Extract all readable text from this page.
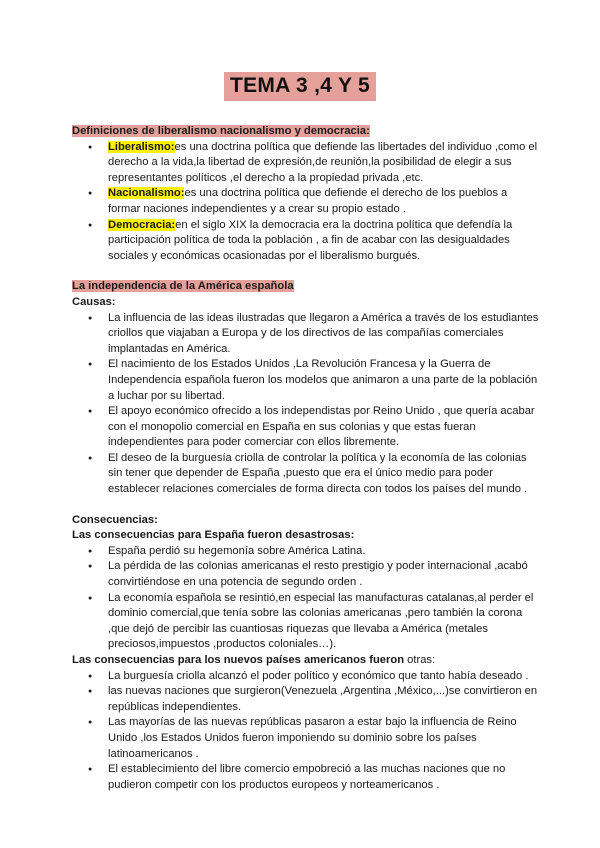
TEMA 3 ,4 Y 5

Definiciones de liberalismo nacionalismo y democracia:

● Liberalismo:es una doctrina política que defiende las libertades del individuo ,como el derecho a la vida,la libertad de expresión,de reunión,la posibilidad de elegir a sus representantes políticos ,el derecho a la propiedad privada ,etc.
● Nacionalismo:es una doctrina política que defiende el derecho de los pueblos a formar naciones independientes y a crear su propio estado .
● Democracia:en el siglo XIX la democracia era la doctrina política que defendía la participación política de toda la población , a fin de acabar con las desigualdades sociales y económicas ocasionadas por el liberalismo burgués.

La independencia de la América española

Causas:

● La influencia de las ideas ilustradas que llegaron a América a través de los estudiantes criollos que viajaban a Europa y de los directivos de las compañías comerciales implantadas en América.
● El nacimiento de los Estados Unidos ,La Revolución Francesa y la Guerra de Independencia española fueron los modelos que animaron a una parte de la población a luchar por su libertad.
● El apoyo económico ofrecido a los independistas por Reino Unido , que quería acabar con el monopolio comercial en España en sus colonias y que estas fueran independientes para poder comerciar con ellos libremente.
● El deseo de la burguesía criolla de controlar la política y la economía de las colonias sin tener que depender de España ,puesto que era el único medio para poder establecer relaciones comerciales de forma directa con todos los países del mundo .

Consecuencias:

Las consecuencias para España fueron desastrosas:

● España perdió su hegemonía sobre América Latina.
● La pérdida de las colonias americanas el resto prestigio y poder internacional ,acabó convirtiéndose en una potencia de segundo orden .
● La economía española se resintió,en especial las manufacturas catalanas,al perder el dominio comercial,que tenía sobre las colonias americanas ,pero también la corona ,que dejó de percibir las cuantiosas riquezas que llevaba a América (metales preciosos,impuestos ,productos coloniales…).

Las consecuencias para los nuevos países americanos fueron otras:

● La burguesía criolla alcanzó el poder político y económico que tanto había deseado .
● las nuevas naciones que surgieron(Venezuela ,Argentina ,México,...)se convirtieron en repúblicas independientes.
● Las mayorías de las nuevas repúblicas pasaron a estar bajo la influencia de Reino Unido ,los Estados Unidos fueron imponiendo su dominio sobre los países latinoamericanos .
● El establecimiento del libre comercio empobreció a las muchas naciones que no pudieron competir con los productos europeos y norteamericanos .
